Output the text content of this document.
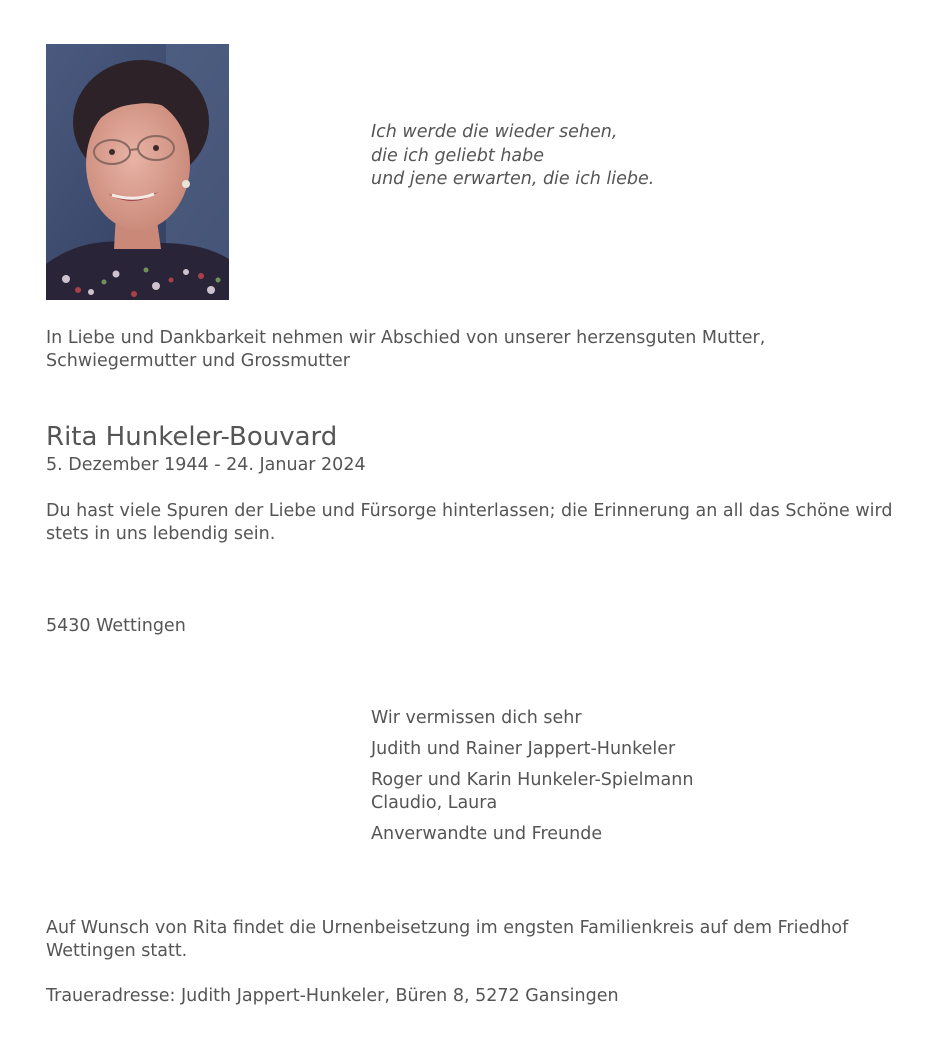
Ich werde die wieder sehen,
die ich geliebt habe
und jene erwarten, die ich liebe.
In Liebe und Dankbarkeit nehmen wir Abschied von unserer herzensguten Mutter, Schwiegermutter und Grossmutter
Rita Hunkeler-Bouvard
5. Dezember 1944 - 24. Januar 2024
Du hast viele Spuren der Liebe und Fürsorge hinterlassen; die Erinnerung an all das Schöne wird stets in uns lebendig sein.
5430 Wettingen
Wir vermissen dich sehr
Judith und Rainer Jappert-Hunkeler
Roger und Karin Hunkeler-Spielmann
Claudio, Laura
Anverwandte und Freunde
Auf Wunsch von Rita findet die Urnenbeisetzung im engsten Familienkreis auf dem Friedhof Wettingen statt.
Traueradresse: Judith Jappert-Hunkeler, Büren 8, 5272 Gansingen
